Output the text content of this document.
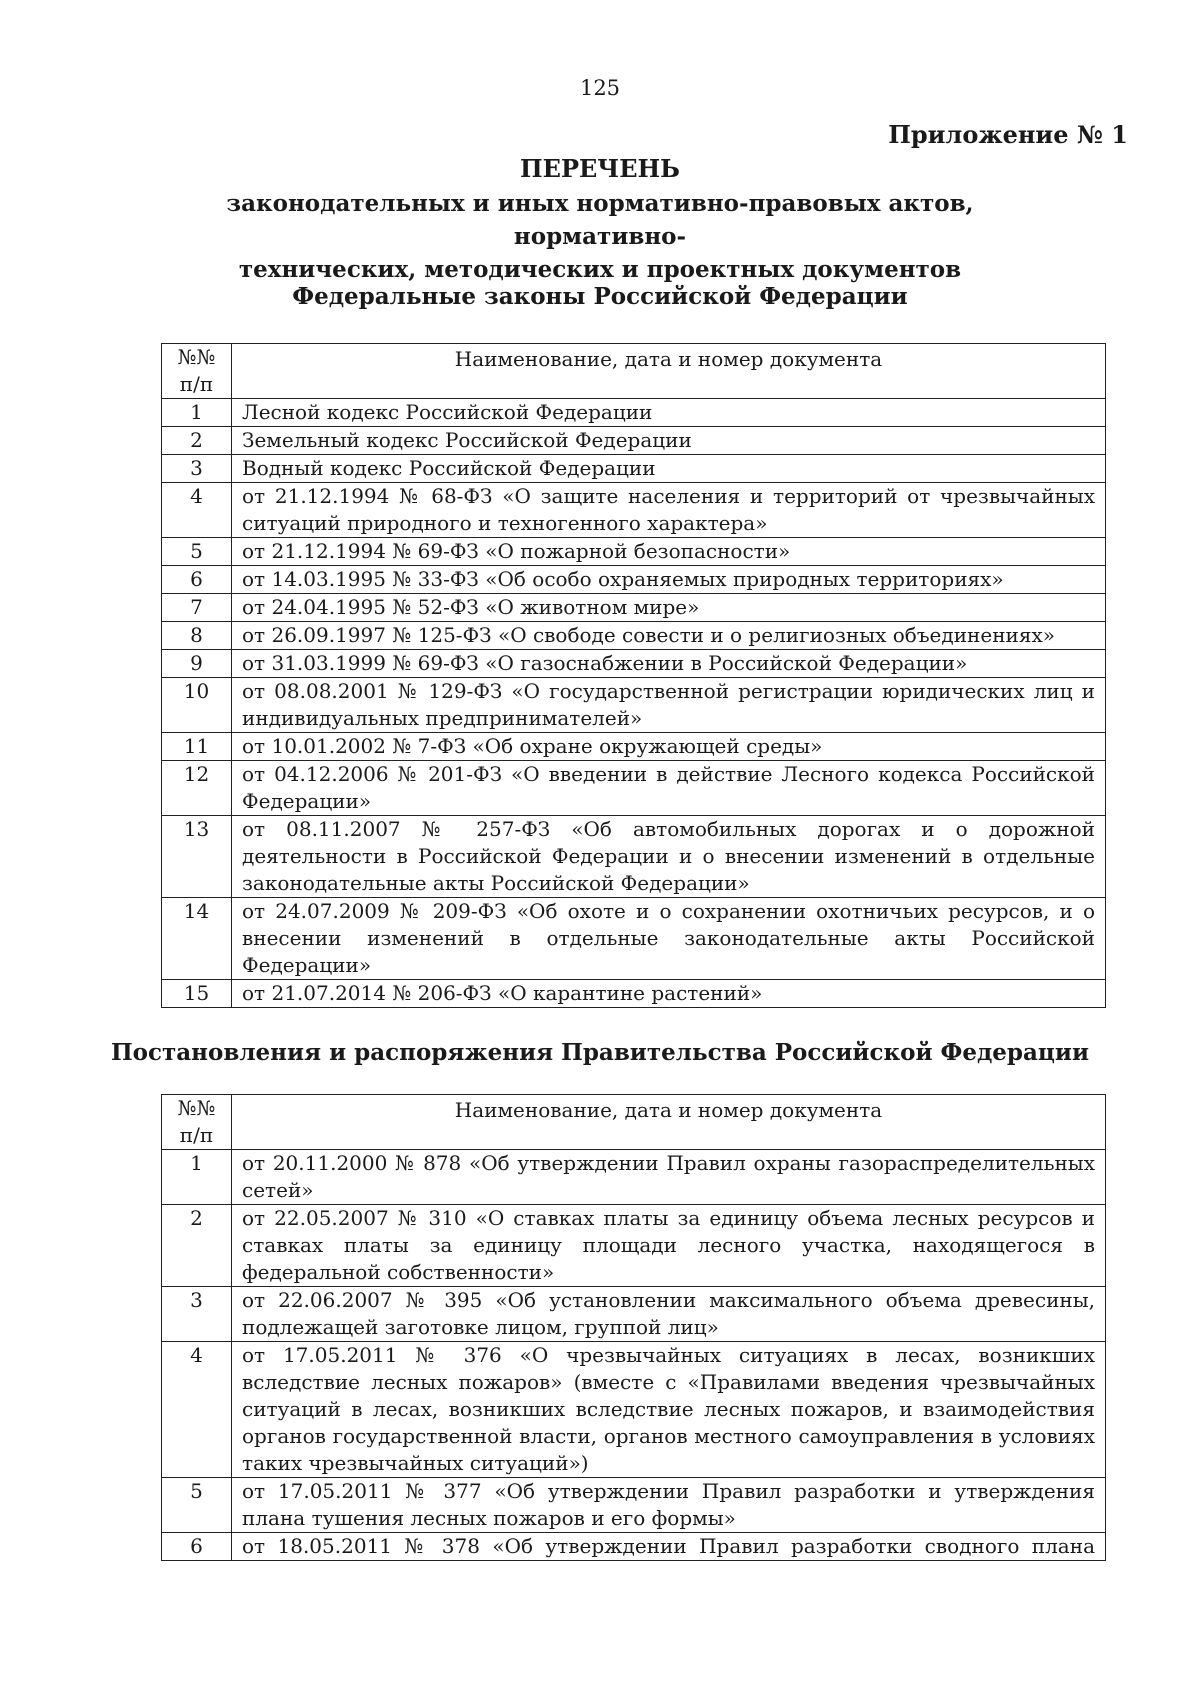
125
Приложение № 1
ПЕРЕЧЕНЬ
законодательных и иных нормативно-правовых актов, нормативно-
технических, методических и проектных документов
Федеральные законы Российской Федерации
№№
п/п	Наименование, дата и номер документа
1	Лесной кодекс Российской Федерации
2	Земельный кодекс Российской Федерации
3	Водный кодекс Российской Федерации
4	от 21.12.1994 № 68-ФЗ «О защите населения и территорий от чрезвычайных ситуаций природного и техногенного характера»
5	от 21.12.1994 № 69-ФЗ «О пожарной безопасности»
6	от 14.03.1995 № 33-ФЗ «Об особо охраняемых природных территориях»
7	от 24.04.1995 № 52-ФЗ «О животном мире»
8	от 26.09.1997 № 125-ФЗ «О свободе совести и о религиозных объединениях»
9	от 31.03.1999 № 69-ФЗ «О газоснабжении в Российской Федерации»
10	от 08.08.2001 № 129-ФЗ «О государственной регистрации юридических лиц и индивидуальных предпринимателей»
11	от 10.01.2002 № 7-ФЗ «Об охране окружающей среды»
12	от 04.12.2006 № 201-ФЗ «О введении в действие Лесного кодекса Российской Федерации»
13	от 08.11.2007 № 257-ФЗ «Об автомобильных дорогах и о дорожной деятельности в Российской Федерации и о внесении изменений в отдельные законодательные акты Российской Федерации»
14	от 24.07.2009 № 209-ФЗ «Об охоте и о сохранении охотничьих ресурсов, и о внесении изменений в отдельные законодательные акты Российской Федерации»
15	от 21.07.2014 № 206-ФЗ «О карантине растений»
Постановления и распоряжения Правительства Российской Федерации
№№
п/п	Наименование, дата и номер документа
1	от 20.11.2000 № 878 «Об утверждении Правил охраны газораспределительных сетей»
2	от 22.05.2007 № 310 «О ставках платы за единицу объема лесных ресурсов и ставках платы за единицу площади лесного участка, находящегося в федеральной собственности»
3	от 22.06.2007 № 395 «Об установлении максимального объема древесины, подлежащей заготовке лицом, группой лиц»
4	от 17.05.2011 № 376 «О чрезвычайных ситуациях в лесах, возникших вследствие лесных пожаров» (вместе с «Правилами введения чрезвычайных ситуаций в лесах, возникших вследствие лесных пожаров, и взаимодействия органов государственной власти, органов местного самоуправления в условиях таких чрезвычайных ситуаций»)
5	от 17.05.2011 № 377 «Об утверждении Правил разработки и утверждения плана тушения лесных пожаров и его формы»
6	от 18.05.2011 № 378 «Об утверждении Правил разработки сводного плана
